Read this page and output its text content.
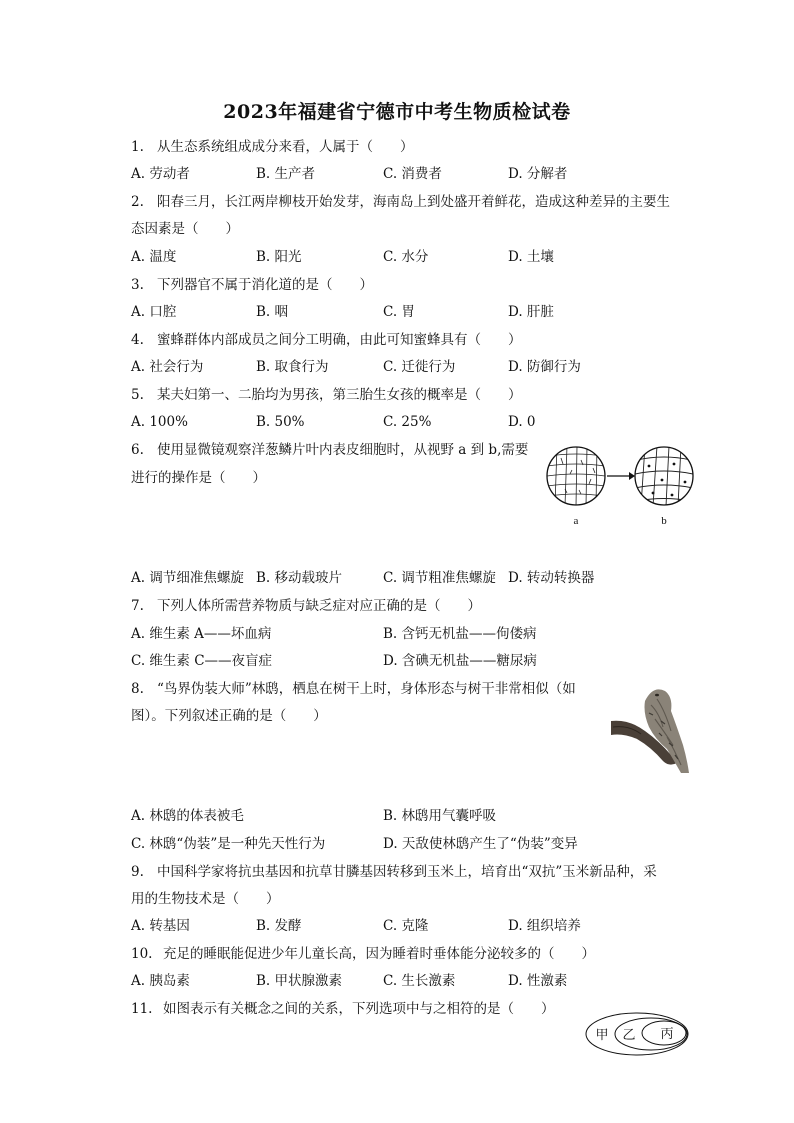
2023年福建省宁德市中考生物质检试卷
1. 从生态系统组成成分来看，人属于（　　）
A. 劳动者	B. 生产者	C. 消费者	D. 分解者
2. 阳春三月，长江两岸柳枝开始发芽，海南岛上到处盛开着鲜花，造成这种差异的主要生
态因素是（　　）
A. 温度	B. 阳光	C. 水分	D. 土壤
3. 下列器官不属于消化道的是（　　）
A. 口腔	B. 咽	C. 胃	D. 肝脏
4. 蜜蜂群体内部成员之间分工明确，由此可知蜜蜂具有（　　）
A. 社会行为	B. 取食行为	C. 迁徙行为	D. 防御行为
5. 某夫妇第一、二胎均为男孩，第三胎生女孩的概率是（　　）
A. 100%	B. 50%	C. 25%	D. 0
6. 使用显微镜观察洋葱鳞片叶内表皮细胞时，从视野 a 到 b,需要
进行的操作是（　　）
a	b
A. 调节细准焦螺旋 B. 移动载玻片	C. 调节粗准焦螺旋 D. 转动转换器
7. 下列人体所需营养物质与缺乏症对应正确的是（　　）
A. 维生素 A——坏血病	B. 含钙无机盐——佝偻病
C. 维生素 C——夜盲症	D. 含碘无机盐——糖尿病
8. “鸟界伪装大师”林鸱，栖息在树干上时，身体形态与树干非常相似（如
图）。下列叙述正确的是（　　）
A. 林鸱的体表被毛	B. 林鸱用气囊呼吸
C. 林鸱“伪装”是一种先天性行为	D. 天敌使林鸱产生了“伪装”变异
9. 中国科学家将抗虫基因和抗草甘膦基因转移到玉米上，培育出“双抗”玉米新品种，采
用的生物技术是（　　）
A. 转基因	B. 发酵	C. 克隆	D. 组织培养
10. 充足的睡眠能促进少年儿童长高，因为睡着时垂体能分泌较多的（　　）
A. 胰岛素	B. 甲状腺激素	C. 生长激素	D. 性激素
11. 如图表示有关概念之间的关系，下列选项中与之相符的是（　　）
甲 乙 丙
